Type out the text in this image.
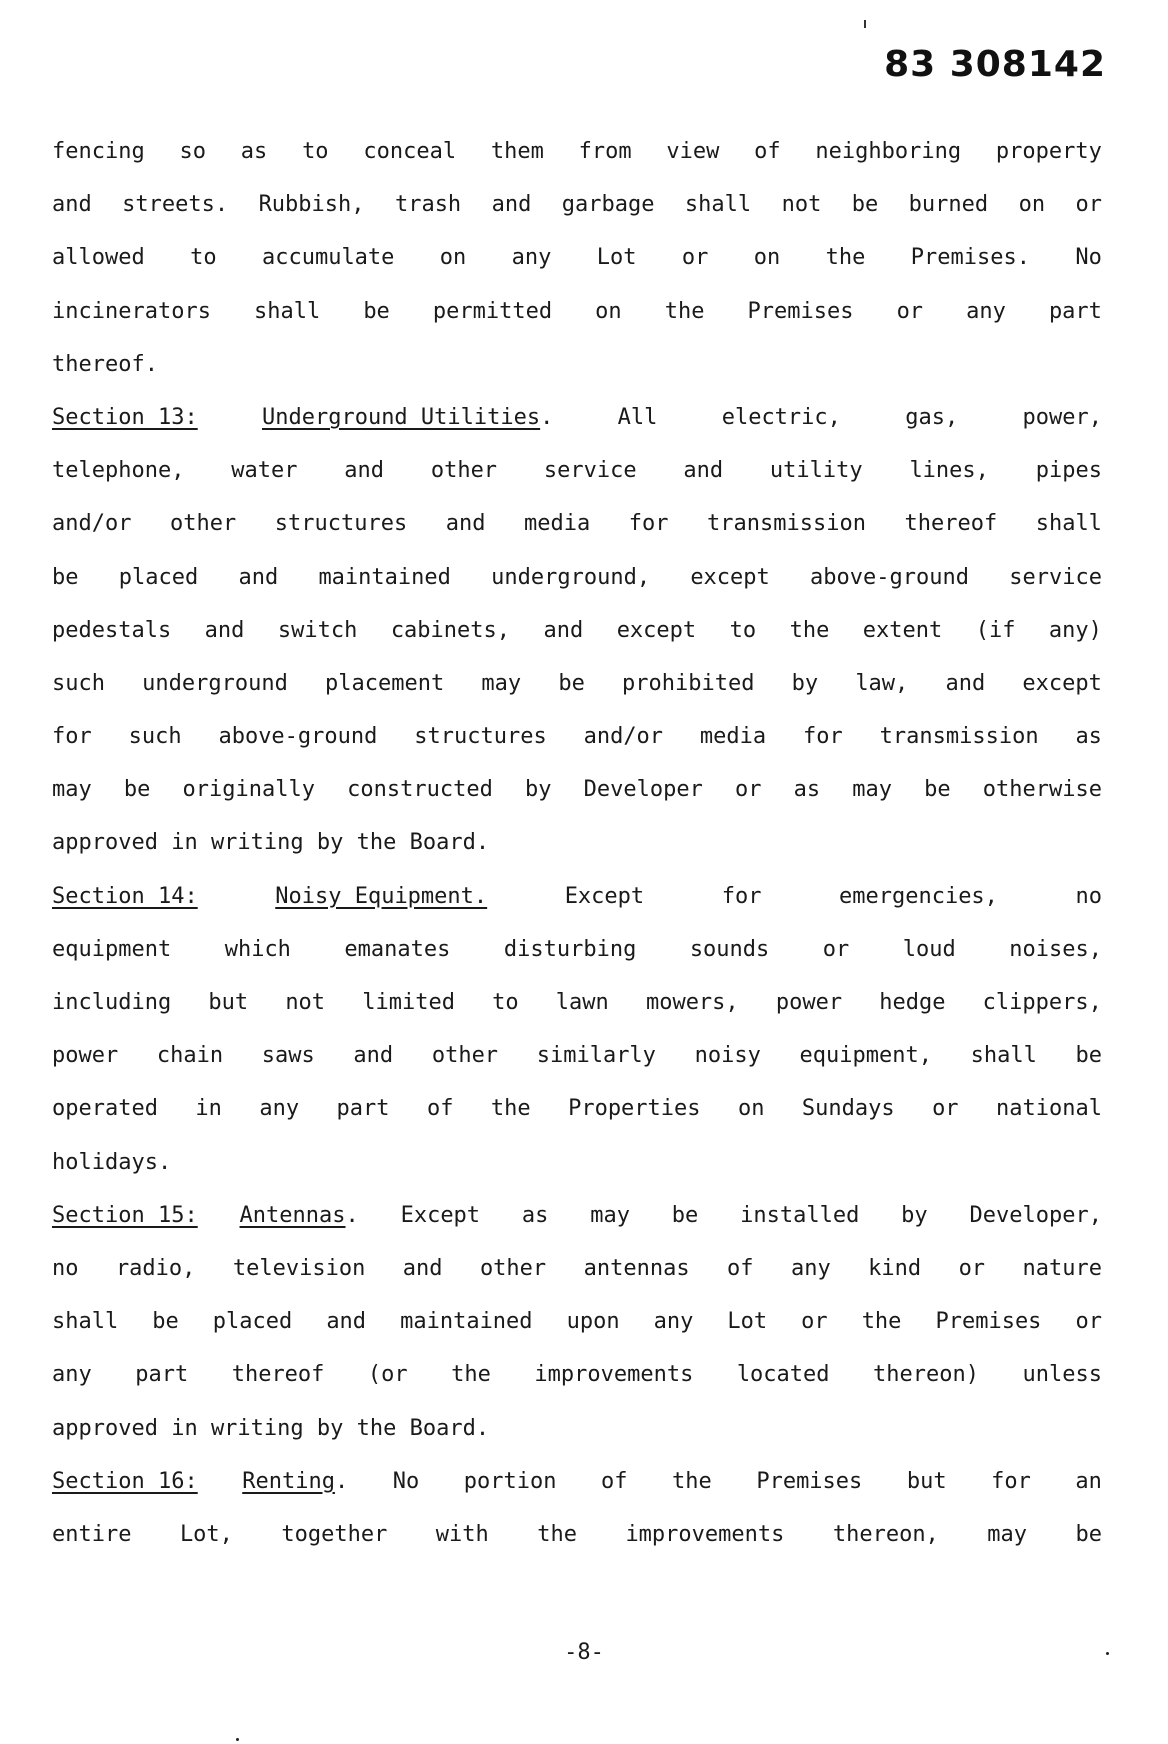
83 308142
fencing so as to conceal them from view of neighboring property
and streets. Rubbish, trash and garbage shall not be burned on or
allowed to accumulate on any Lot or on the Premises. No
incinerators shall be permitted on the Premises or any part
thereof.
Section 13:	Underground Utilities.	All	electric,	gas,	power,
telephone, water and other service and utility lines, pipes
and/or other structures and media for transmission thereof shall
be placed and maintained underground, except above-ground service
pedestals and switch cabinets, and except to the extent (if any)
such underground placement may be prohibited by law, and except
for such above-ground structures and/or media for transmission as
may be originally constructed by Developer or as may be otherwise
approved in writing by the Board.
Section 14:	Noisy Equipment.	Except	for	emergencies,	no
equipment which emanates disturbing sounds or loud noises,
including but not limited to lawn mowers, power hedge clippers,
power chain saws and other similarly noisy equipment, shall be
operated in any part of the Properties on Sundays or national
holidays.
Section 15: Antennas. Except as may be installed by Developer,
no radio, television and other antennas of any kind or nature
shall be placed and maintained upon any Lot or the Premises or
any part thereof (or the improvements located thereon) unless
approved in writing by the Board.
Section 16: Renting. No portion of the Premises but for an
entire Lot, together with the improvements thereon, may be
-8-
